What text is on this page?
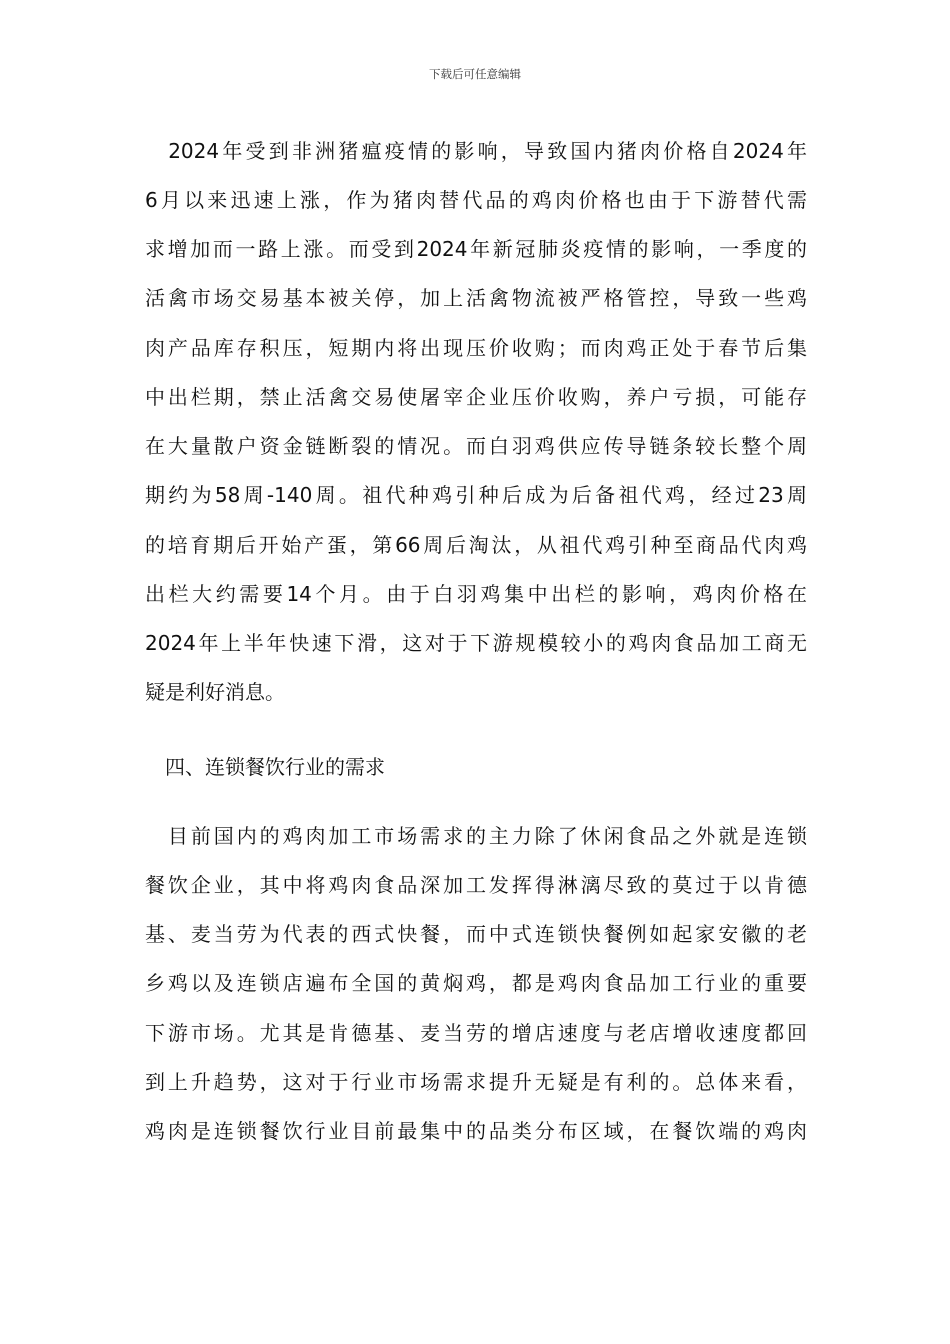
下载后可任意编辑
　2024年受到非洲猪瘟疫情的影响，导致国内猪肉价格自2024年
6月以来迅速上涨，作为猪肉替代品的鸡肉价格也由于下游替代需
求增加而一路上涨。而受到2024年新冠肺炎疫情的影响，一季度的
活禽市场交易基本被关停，加上活禽物流被严格管控，导致一些鸡
肉产品库存积压，短期内将出现压价收购；而肉鸡正处于春节后集
中出栏期，禁止活禽交易使屠宰企业压价收购，养户亏损，可能存
在大量散户资金链断裂的情况。而白羽鸡供应传导链条较长整个周
期约为58周-140周。祖代种鸡引种后成为后备祖代鸡，经过23周
的培育期后开始产蛋，第66周后淘汰，从祖代鸡引种至商品代肉鸡
出栏大约需要14个月。由于白羽鸡集中出栏的影响，鸡肉价格在
2024年上半年快速下滑，这对于下游规模较小的鸡肉食品加工商无
疑是利好消息。
　四、连锁餐饮行业的需求
　目前国内的鸡肉加工市场需求的主力除了休闲食品之外就是连锁
餐饮企业，其中将鸡肉食品深加工发挥得淋漓尽致的莫过于以肯德
基、麦当劳为代表的西式快餐，而中式连锁快餐例如起家安徽的老
乡鸡以及连锁店遍布全国的黄焖鸡，都是鸡肉食品加工行业的重要
下游市场。尤其是肯德基、麦当劳的增店速度与老店增收速度都回
到上升趋势，这对于行业市场需求提升无疑是有利的。总体来看，
鸡肉是连锁餐饮行业目前最集中的品类分布区域，在餐饮端的鸡肉
